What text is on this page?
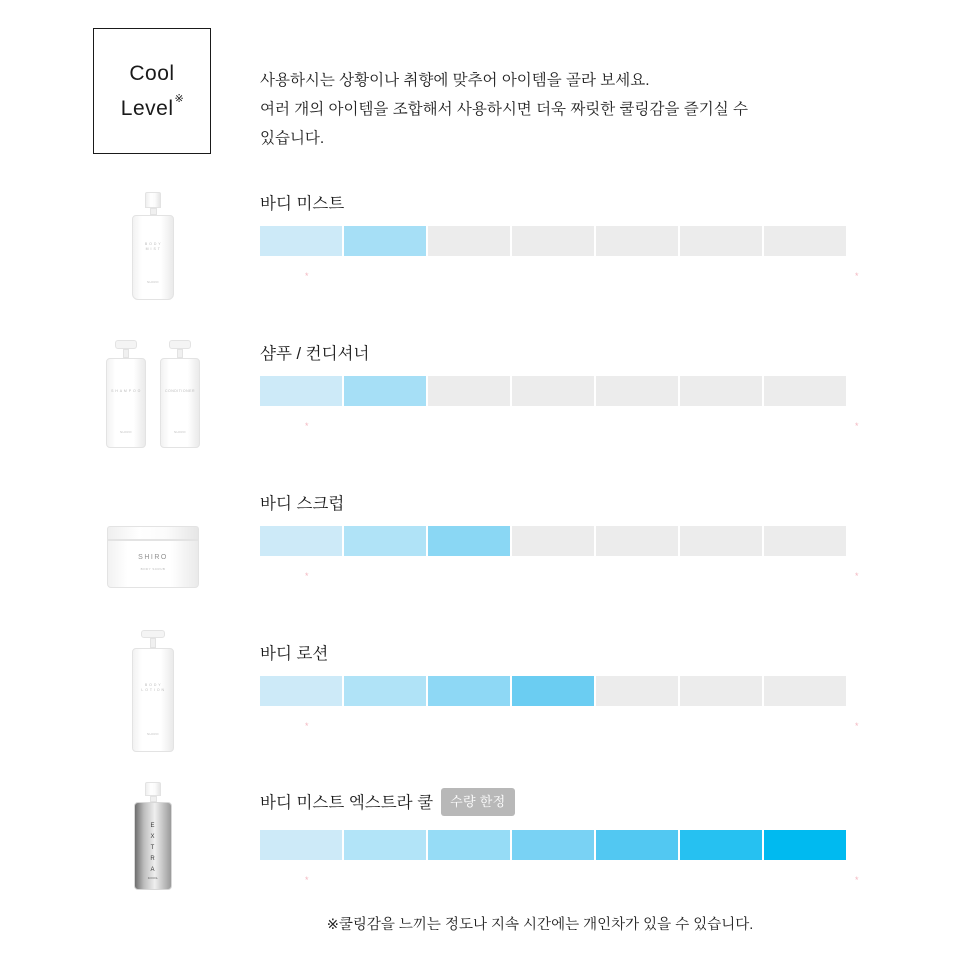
Cool
Level※
사용하시는 상황이나 취향에 맞추어 아이템을 골라 보세요.
여러 개의 아이템을 조합해서 사용하시면 더욱 짜릿한 쿨링감을 즐기실 수
있습니다.
B O D Y
M I S T
SHIRO
바디 미스트
*	*
S H A M P O O
SHIRO
CONDITIONER
SHIRO
샴푸 / 컨디셔너
*	*
SHIRO
BODY SCRUB
바디 스크럽
*	*
B O D Y
L O T I O N
SHIRO
바디 로션
*	*
E
X
T
R
A
COOL
바디 미스트 엑스트라 쿨 수량 한정
*	*
※쿨링감을 느끼는 정도나 지속 시간에는 개인차가 있을 수 있습니다.
